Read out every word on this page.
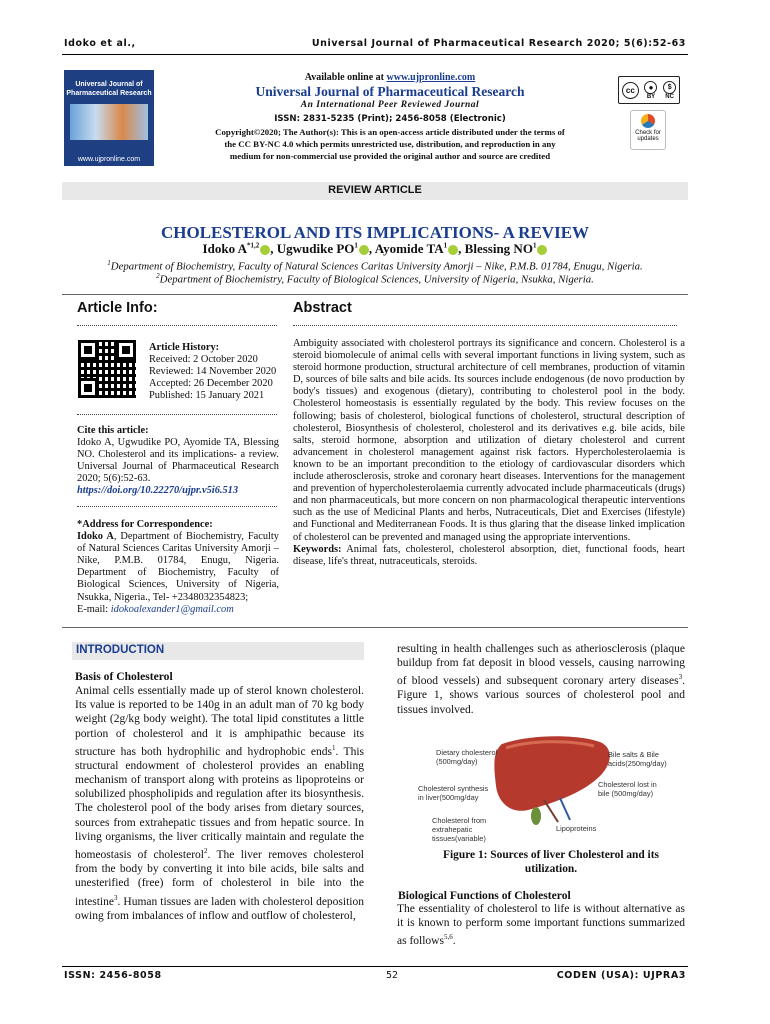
Idoko et al.,	Universal Journal of Pharmaceutical Research 2020; 5(6):52-63
Universal Journal of
Pharmaceutical Research
www.ujpronline.com
Available online at www.ujpronline.com
Universal Journal of Pharmaceutical Research
An International Peer Reviewed Journal
ISSN: 2831-5235 (Print); 2456-8058 (Electronic)
Copyright©2020; The Author(s): This is an open-access article distributed under the terms of
the CC BY-NC 4.0 which permits unrestricted use, distribution, and reproduction in any
medium for non-commercial use provided the original author and source are credited
cc	●
BY
$
NC
Check for
updates
REVIEW ARTICLE
CHOLESTEROL AND ITS IMPLICATIONS- A REVIEW
Idoko A$^{*1,2}$ , Ugwudike $PO^1$ , Ayomide $TA^1$ , Blessing $NO^1$
$^1$Department of Biochemistry, Faculty of Natural Sciences Caritas University Amorji – Nike, P.M.B. 01784, Enugu, Nigeria.
$^2$Department of Biochemistry, Faculty of Biological Sciences, University of Nigeria, Nsukka, Nigeria.
Article Info:
Article History:
Received: 2 October 2020
Reviewed: 14 November 2020
Accepted: 26 December 2020
Published: 15 January 2021
Cite this article:
Idoko A, Ugwudike PO, Ayomide TA, Blessing NO. Cholesterol and its implications- a review. Universal Journal of Pharmaceutical Research 2020; 5(6):52-63.
https://doi.org/10.22270/ujpr.v5i6.513
*Address for Correspondence:
Idoko A, Department of Biochemistry, Faculty of Natural Sciences Caritas University Amorji – Nike, P.M.B. 01784, Enugu, Nigeria. Department of Biochemistry, Faculty of Biological Sciences, University of Nigeria, Nsukka, Nigeria., Tel- +2348032354823;
E-mail: idokoalexander1@gmail.com
Abstract
Ambiguity associated with cholesterol portrays its significance and concern. Cholesterol is a steroid biomolecule of animal cells with several important functions in living system, such as steroid hormone production, structural architecture of cell membranes, production of vitamin D, sources of bile salts and bile acids. Its sources include endogenous (de novo production by body's tissues) and exogenous (dietary), contributing to cholesterol pool in the body. Cholesterol homeostasis is essentially regulated by the body. This review focuses on the following; basis of cholesterol, biological functions of cholesterol, structural description of cholesterol, Biosynthesis of cholesterol, cholesterol and its derivatives e.g. bile acids, bile salts, steroid hormone, absorption and utilization of dietary cholesterol and current advancement in cholesterol management against risk factors. Hypercholesterolaemia is known to be an important precondition to the etiology of cardiovascular disorders which include atherosclerosis, stroke and coronary heart diseases. Interventions for the management and prevention of hypercholesterolaemia currently advocated include pharmaceuticals (drugs) and non pharmaceuticals, but more concern on non pharmacological therapeutic interventions such as the use of Medicinal Plants and herbs, Nutraceuticals, Diet and Exercises (lifestyle) and Functional and Mediterranean Foods. It is thus glaring that the disease linked implication of cholesterol can be prevented and managed using the appropriate interventions.
Keywords: Animal fats, cholesterol, cholesterol absorption, diet, functional foods, heart disease, life's threat, nutraceuticals, steroids.
INTRODUCTION
Basis of Cholesterol
Animal cells essentially made up of sterol known cholesterol. Its value is reported to be 140g in an adult man of 70 kg body weight (2g/kg body weight). The total lipid constitutes a little portion of cholesterol and it is amphipathic because its structure has both hydrophilic and hydrophobic ends$^1$. This structural endowment of cholesterol provides an enabling mechanism of transport along with proteins as lipoproteins or solubilized phospholipids and regulation after its biosynthesis. The cholesterol pool of the body arises from dietary sources, sources from extrahepatic tissues and from hepatic source. In living organisms, the liver critically maintain and regulate the homeostasis of cholesterol$^2$. The liver removes cholesterol from the body by converting it into bile acids, bile salts and unesterified (free) form of cholesterol in bile into the intestine$^3$. Human tissues are laden with cholesterol deposition owing from imbalances of inflow and outflow of cholesterol,
resulting in health challenges such as atheriosclerosis (plaque buildup from fat deposit in blood vessels, causing narrowing of blood vessels) and subsequent coronary artery diseases$^3$. Figure 1, shows various sources of cholesterol pool and tissues involved.
Dietary cholesterol
(500mg/day)
Bile salts & Bile
acids(250mg/day)
Cholesterol synthesis
in liver(500mg/day
Cholesterol lost in
bile (500mg/day)
Cholesterol from
extrahepatic
tissues(variable)
Lipoproteins
Figure 1: Sources of liver Cholesterol and its utilization.
Biological Functions of Cholesterol
The essentiality of cholesterol to life is without alternative as it is known to perform some important functions summarized as follows$^{5,6}$.
ISSN: 2456-8058	52	CODEN (USA): UJPRA3
